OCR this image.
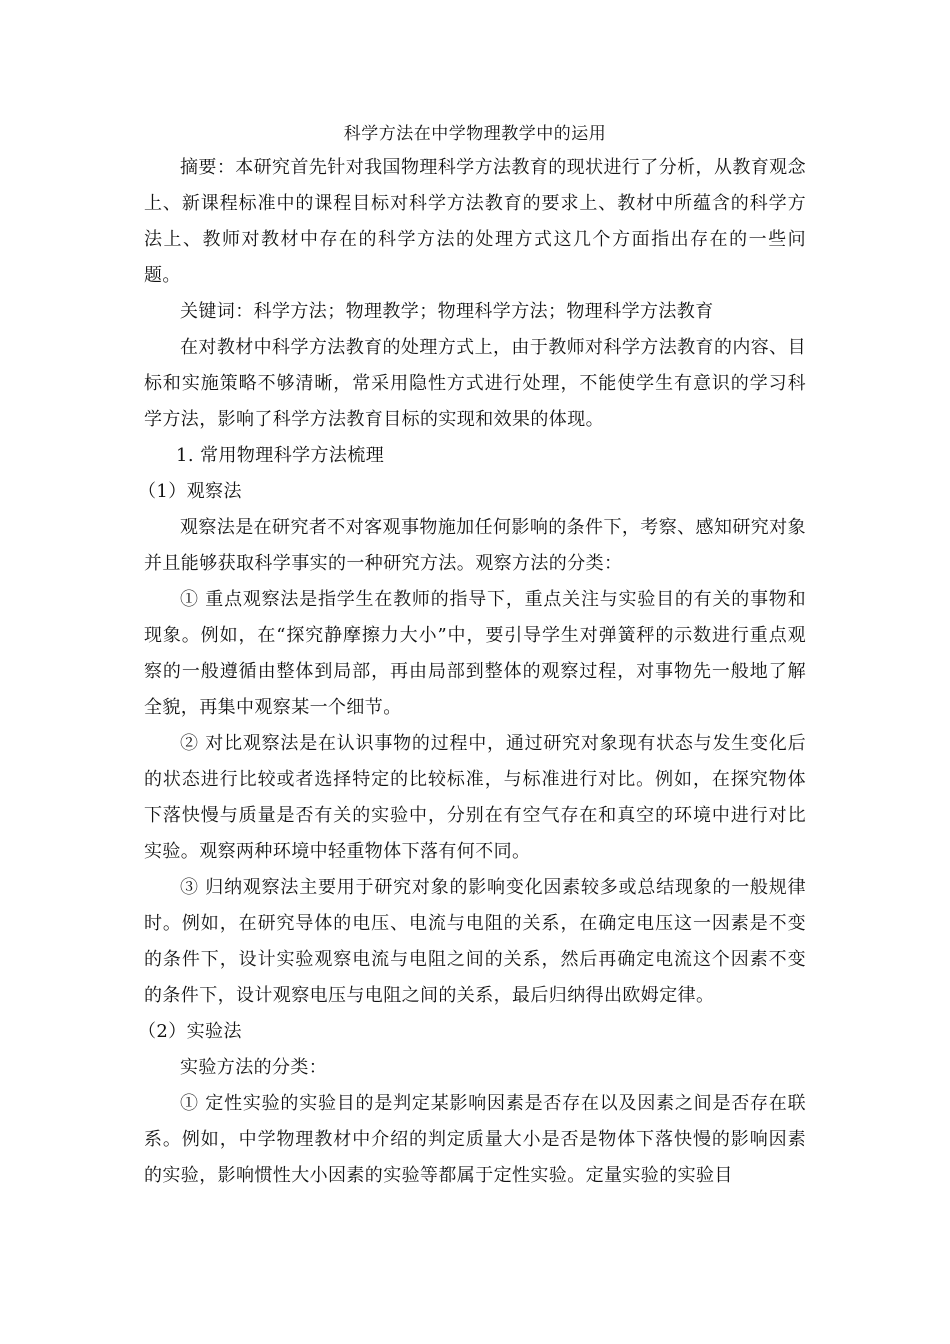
科学方法在中学物理教学中的运用

摘要：本研究首先针对我国物理科学方法教育的现状进行了分析，从教育观念上、新课程标准中的课程目标对科学方法教育的要求上、教材中所蕴含的科学方法上、教师对教材中存在的科学方法的处理方式这几个方面指出存在的一些问题。

关键词：科学方法；物理教学；物理科学方法；物理科学方法教育

在对教材中科学方法教育的处理方式上，由于教师对科学方法教育的内容、目标和实施策略不够清晰，常采用隐性方式进行处理，不能使学生有意识的学习科学方法，影响了科学方法教育目标的实现和效果的体现。

1. 常用物理科学方法梳理

（1）观察法

观察法是在研究者不对客观事物施加任何影响的条件下，考察、感知研究对象并且能够获取科学事实的一种研究方法。观察方法的分类：

① 重点观察法是指学生在教师的指导下，重点关注与实验目的有关的事物和现象。例如，在“探究静摩擦力大小”中，要引导学生对弹簧秤的示数进行重点观察的一般遵循由整体到局部，再由局部到整体的观察过程，对事物先一般地了解全貌，再集中观察某一个细节。

② 对比观察法是在认识事物的过程中，通过研究对象现有状态与发生变化后的状态进行比较或者选择特定的比较标准，与标准进行对比。例如，在探究物体下落快慢与质量是否有关的实验中，分别在有空气存在和真空的环境中进行对比实验。观察两种环境中轻重物体下落有何不同。

③ 归纳观察法主要用于研究对象的影响变化因素较多或总结现象的一般规律时。例如，在研究导体的电压、电流与电阻的关系，在确定电压这一因素是不变的条件下，设计实验观察电流与电阻之间的关系，然后再确定电流这个因素不变的条件下，设计观察电压与电阻之间的关系，最后归纳得出欧姆定律。

（2）实验法

实验方法的分类：

① 定性实验的实验目的是判定某影响因素是否存在以及因素之间是否存在联系。例如，中学物理教材中介绍的判定质量大小是否是物体下落快慢的影响因素的实验，影响惯性大小因素的实验等都属于定性实验。定量实验的实验目
